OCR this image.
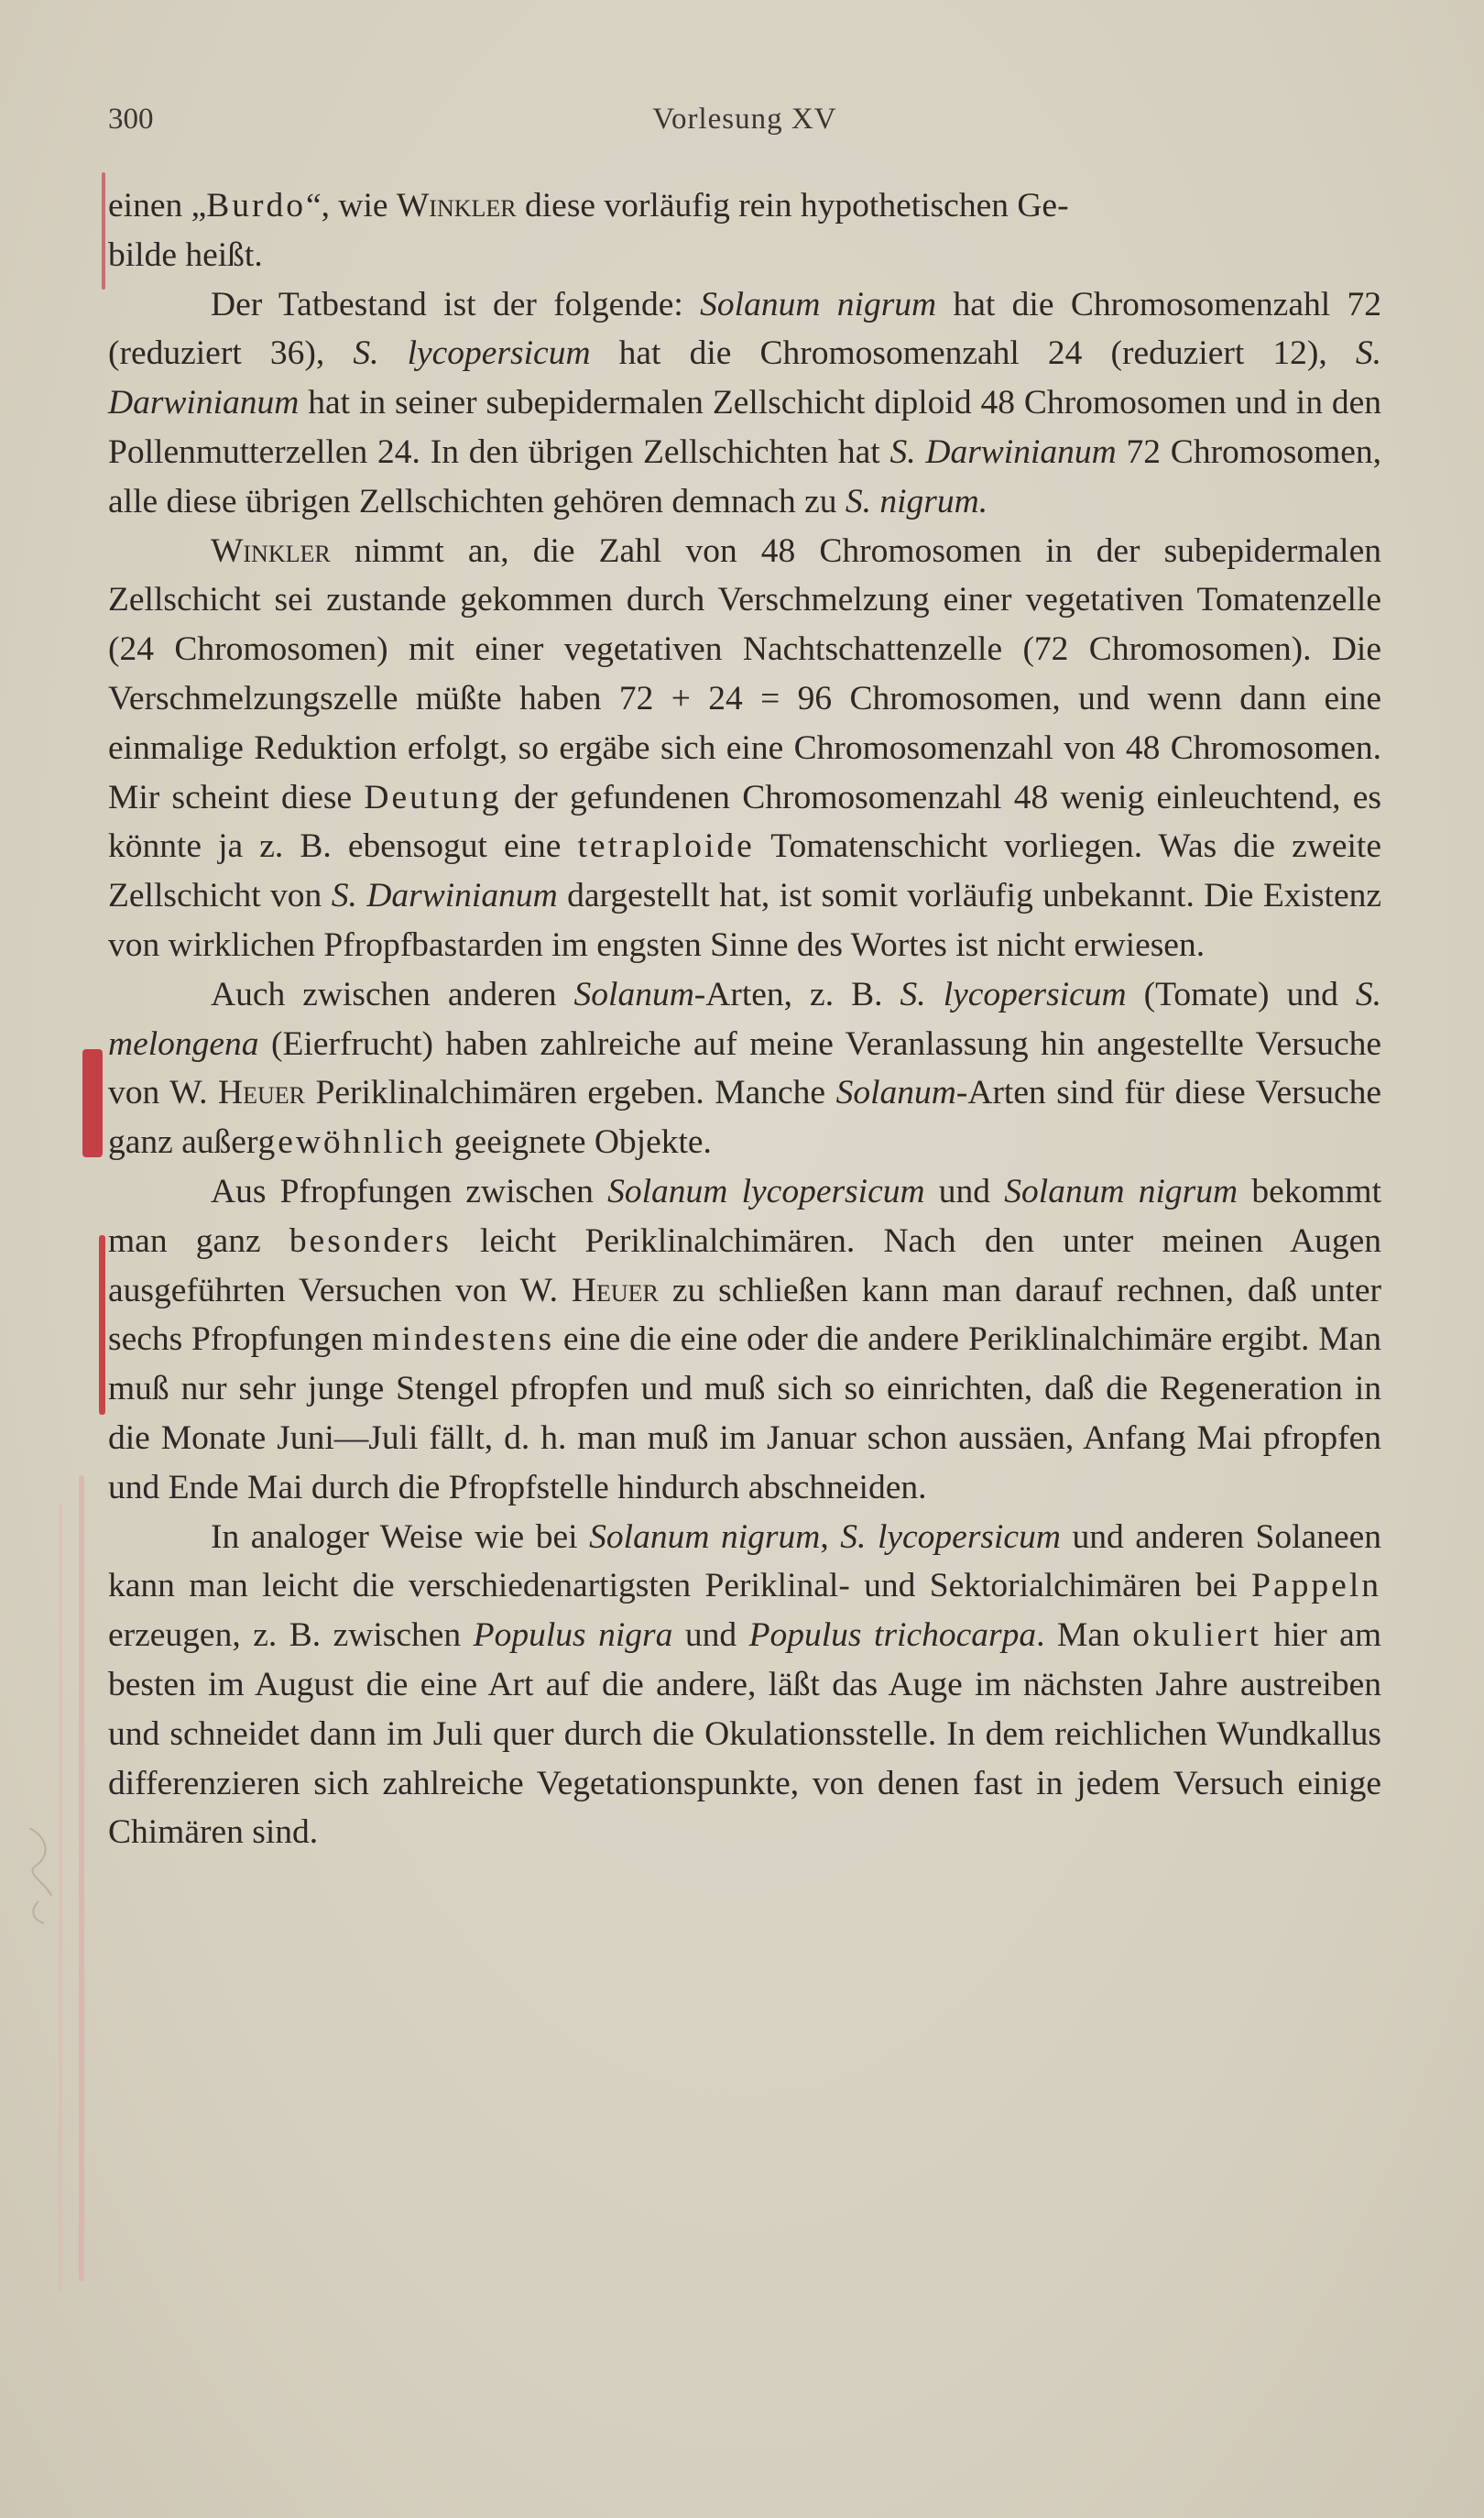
300	Vorlesung XV

einen „Burdo“, wie Winkler diese vorläufig rein hypothetischen Ge-
bilde heißt.

Der Tatbestand ist der folgende: Solanum nigrum hat die Chromosomenzahl 72 (reduziert 36), S. lycopersicum hat die Chromosomenzahl 24 (reduziert 12), S. Darwinianum hat in seiner subepidermalen Zellschicht diploid 48 Chromosomen und in den Pollenmutterzellen 24. In den übrigen Zellschichten hat S. Darwinianum 72 Chromosomen, alle diese übrigen Zellschichten gehören demnach zu S. nigrum.

Winkler nimmt an, die Zahl von 48 Chromosomen in der subepidermalen Zellschicht sei zustande gekommen durch Verschmelzung einer vegetativen Tomatenzelle (24 Chromosomen) mit einer vegetativen Nachtschattenzelle (72 Chromosomen). Die Verschmelzungszelle müßte haben 72 + 24 = 96 Chromosomen, und wenn dann eine einmalige Reduktion erfolgt, so ergäbe sich eine Chromosomenzahl von 48 Chromosomen. Mir scheint diese Deutung der gefundenen Chromosomenzahl 48 wenig einleuchtend, es könnte ja z. B. ebensogut eine tetraploide Tomatenschicht vorliegen. Was die zweite Zellschicht von S. Darwinianum dargestellt hat, ist somit vorläufig unbekannt. Die Existenz von wirklichen Pfropfbastarden im engsten Sinne des Wortes ist nicht erwiesen.

Auch zwischen anderen Solanum-Arten, z. B. S. lycopersicum (Tomate) und S. melongena (Eierfrucht) haben zahlreiche auf meine Veranlassung hin angestellte Versuche von W. Heuer Periklinalchimären ergeben. Manche Solanum-Arten sind für diese Versuche ganz außergewöhnlich geeignete Objekte.

Aus Pfropfungen zwischen Solanum lycopersicum und Solanum nigrum bekommt man ganz besonders leicht Periklinalchimären. Nach den unter meinen Augen ausgeführten Versuchen von W. Heuer zu schließen kann man darauf rechnen, daß unter sechs Pfropfungen mindestens eine die eine oder die andere Periklinalchimäre ergibt. Man muß nur sehr junge Stengel pfropfen und muß sich so einrichten, daß die Regeneration in die Monate Juni—Juli fällt, d. h. man muß im Januar schon aussäen, Anfang Mai pfropfen und Ende Mai durch die Pfropfstelle hindurch abschneiden.

In analoger Weise wie bei Solanum nigrum, S. lycopersicum und anderen Solaneen kann man leicht die verschiedenartigsten Periklinal- und Sektorialchimären bei Pappeln erzeugen, z. B. zwischen Populus nigra und Populus trichocarpa. Man okuliert hier am besten im August die eine Art auf die andere, läßt das Auge im nächsten Jahre austreiben und schneidet dann im Juli quer durch die Okulationsstelle. In dem reichlichen Wundkallus differenzieren sich zahlreiche Vegetationspunkte, von denen fast in jedem Versuch einige Chimären sind.
